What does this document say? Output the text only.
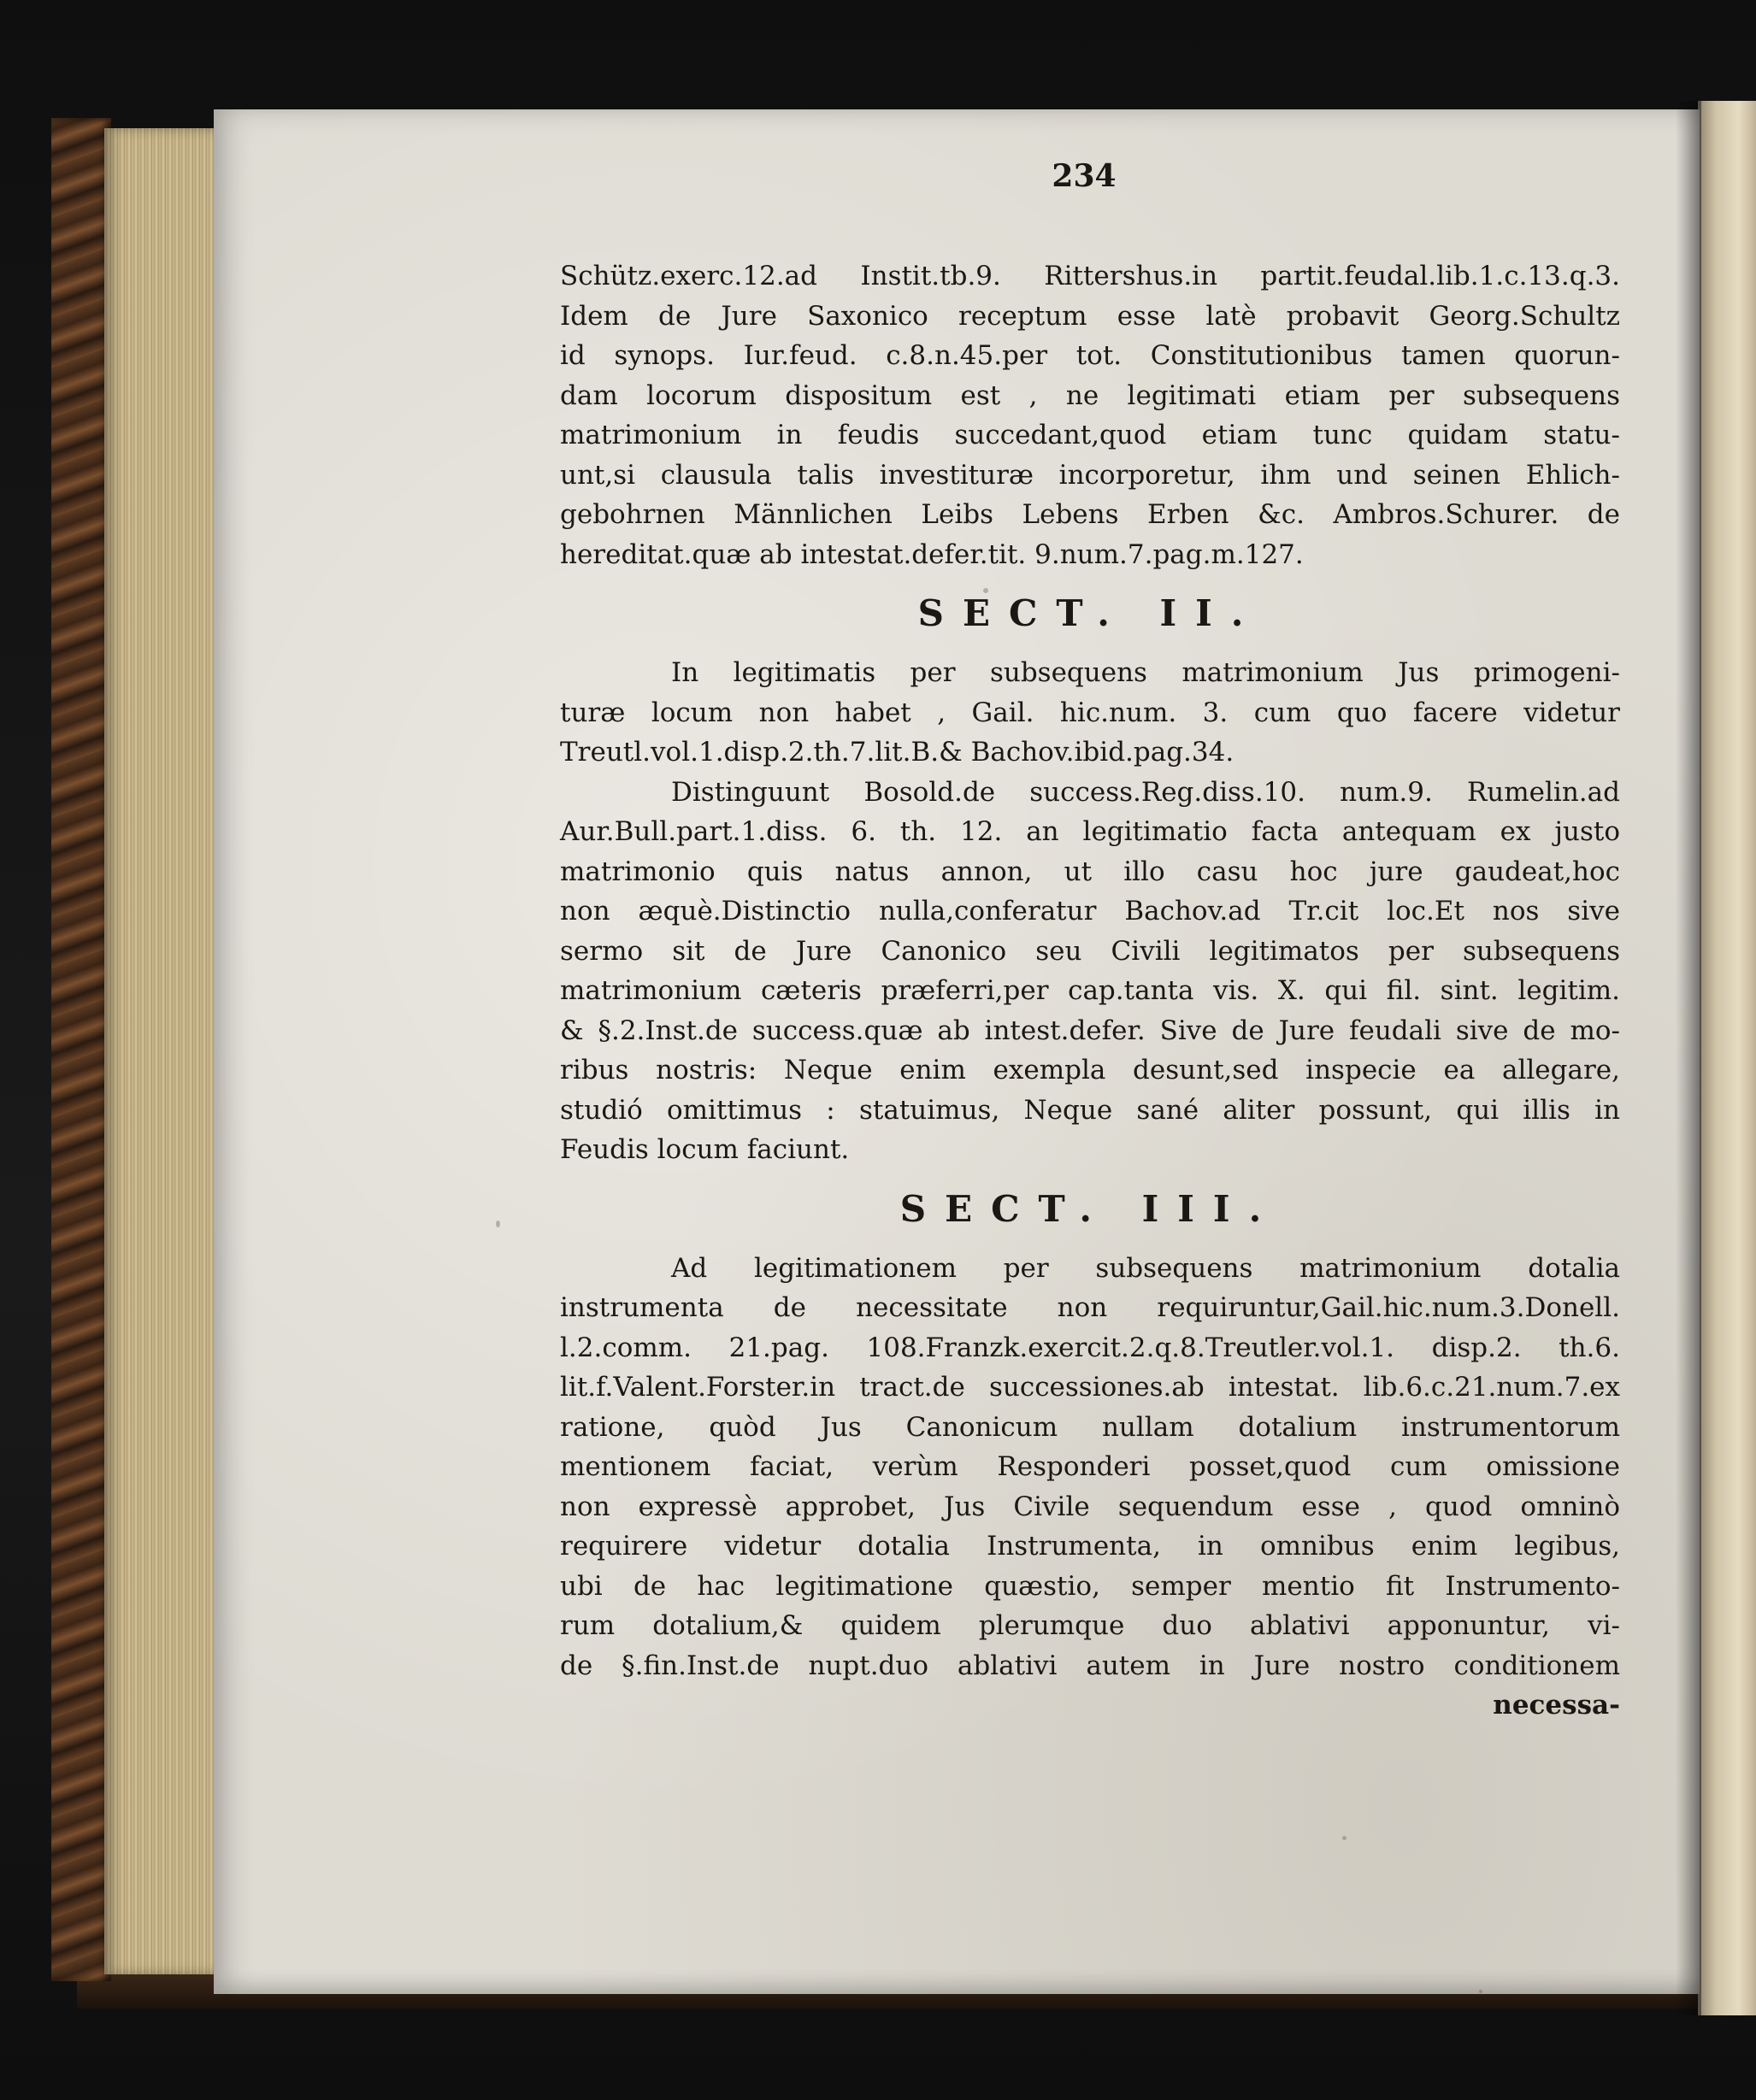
234
Schütz.exerc.12.ad Instit.tb.9. Rittershus.in partit.feudal.lib.1.c.13.q.3.
Idem de Jure Saxonico receptum esse latè probavit Georg.Schultz
id synops. Iur.feud. c.8.n.45.per tot. Constitutionibus tamen quorun-
dam locorum dispositum est , ne legitimati etiam per subsequens
matrimonium in feudis succedant,quod etiam tunc quidam statu-
unt,si clausula talis investituræ incorporetur, ihm und seinen Ehlich-
gebohrnen Männlichen Leibs Lebens Erben &c. Ambros.Schurer. de
hereditat.quæ ab intestat.defer.tit. 9.num.7.pag.m.127.
SECT. II.
In legitimatis per subsequens matrimonium Jus primogeni-
turæ locum non habet , Gail. hic.num. 3. cum quo facere videtur
Treutl.vol.1.disp.2.th.7.lit.B.& Bachov.ibid.pag.34.
Distinguunt Bosold.de success.Reg.diss.10. num.9. Rumelin.ad
Aur.Bull.part.1.diss. 6. th. 12. an legitimatio facta antequam ex justo
matrimonio quis natus annon, ut illo casu hoc jure gaudeat,hoc
non æquè.Distinctio nulla,conferatur Bachov.ad Tr.cit loc.Et nos sive
sermo sit de Jure Canonico seu Civili legitimatos per subsequens
matrimonium cæteris præferri,per cap.tanta vis. X. qui fil. sint. legitim.
& §.2.Inst.de success.quæ ab intest.defer. Sive de Jure feudali sive de mo-
ribus nostris: Neque enim exempla desunt,sed inspecie ea allegare,
studió omittimus : statuimus, Neque sané aliter possunt, qui illis in
Feudis locum faciunt.
SECT. III.
Ad legitimationem per subsequens matrimonium dotalia
instrumenta de necessitate non requiruntur,Gail.hic.num.3.Donell.
l.2.comm. 21.pag. 108.Franzk.exercit.2.q.8.Treutler.vol.1. disp.2. th.6.
lit.f.Valent.Forster.in tract.de successiones.ab intestat. lib.6.c.21.num.7.ex
ratione, quòd Jus Canonicum nullam dotalium instrumentorum
mentionem faciat, verùm Responderi posset,quod cum omissione
non expressè approbet, Jus Civile sequendum esse , quod omninò
requirere videtur dotalia Instrumenta, in omnibus enim legibus,
ubi de hac legitimatione quæstio, semper mentio fit Instrumento-
rum dotalium,& quidem plerumque duo ablativi apponuntur, vi-
de §.fin.Inst.de nupt.duo ablativi autem in Jure nostro conditionem
necessa-
